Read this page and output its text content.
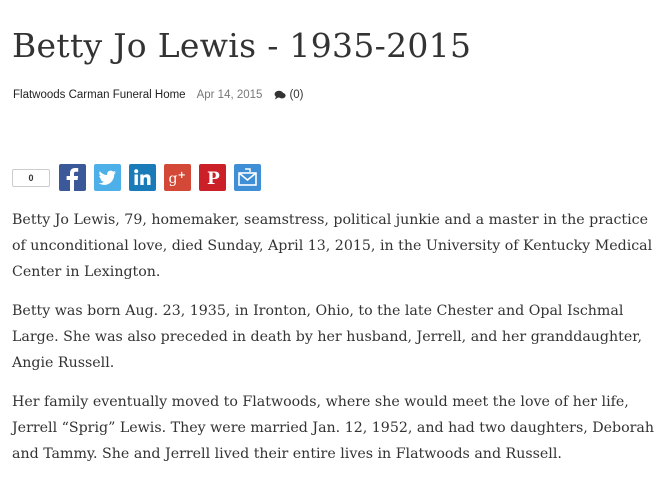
Betty Jo Lewis - 1935-2015
Flatwoods Carman Funeral Home Apr 14, 2015 (0)
0	g + P

Betty Jo Lewis, 79, homemaker, seamstress, political junkie and a master in the practice of unconditional love, died Sunday, April 13, 2015, in the University of Kentucky Medical Center in Lexington.

Betty was born Aug. 23, 1935, in Ironton, Ohio, to the late Chester and Opal Ischmal Large. She was also preceded in death by her husband, Jerrell, and her granddaughter, Angie Russell.

Her family eventually moved to Flatwoods, where she would meet the love of her life, Jerrell “Sprig” Lewis. They were married Jan. 12, 1952, and had two daughters, Deborah and Tammy. She and Jerrell lived their entire lives in Flatwoods and Russell.
